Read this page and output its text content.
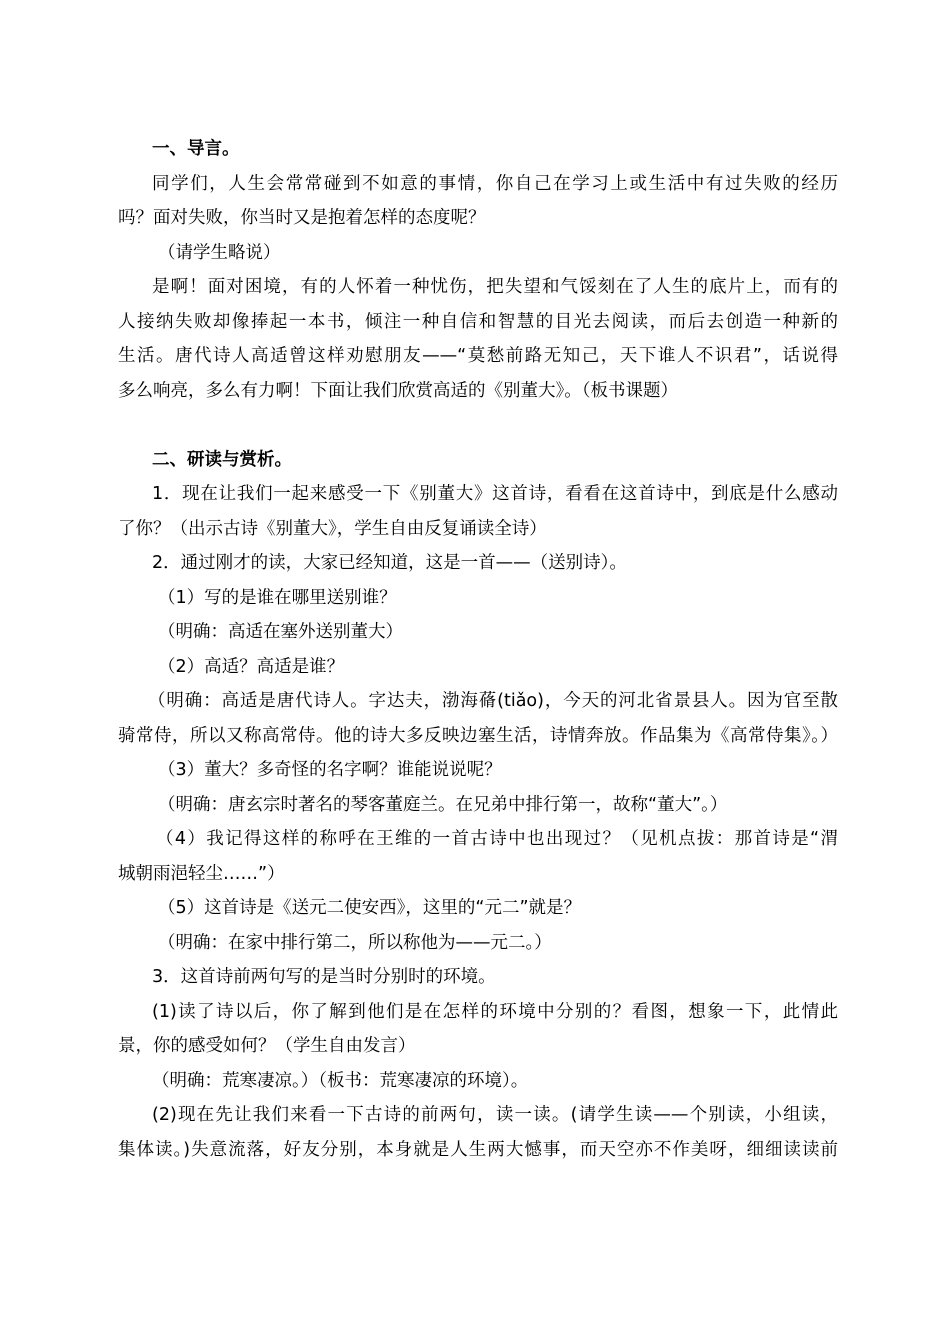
一、导言。
同学们，人生会常常碰到不如意的事情，你自己在学习上或生活中有过失败的经历
吗？面对失败，你当时又是抱着怎样的态度呢？
（请学生略说）
是啊！面对困境，有的人怀着一种忧伤，把失望和气馁刻在了人生的底片上，而有的
人接纳失败却像捧起一本书，倾注一种自信和智慧的目光去阅读，而后去创造一种新的
生活。唐代诗人高适曾这样劝慰朋友——“莫愁前路无知己，天下谁人不识君”，话说得
多么响亮，多么有力啊！下面让我们欣赏高适的《别董大》。（板书课题）
二、研读与赏析。
1．现在让我们一起来感受一下《别董大》这首诗，看看在这首诗中，到底是什么感动
了你？（出示古诗《别董大》，学生自由反复诵读全诗）
2．通过刚才的读，大家已经知道，这是一首——（送别诗）。
（1）写的是谁在哪里送别谁？
（明确：高适在塞外送别董大）
（2）高适？高适是谁？
（明确：高适是唐代诗人。字达夫，渤海蓨(tiǎo)，今天的河北省景县人。因为官至散
骑常侍，所以又称高常侍。他的诗大多反映边塞生活，诗情奔放。作品集为《高常侍集》。）
（3）董大？多奇怪的名字啊？谁能说说呢？
（明确：唐玄宗时著名的琴客董庭兰。在兄弟中排行第一，故称“董大”。）
（4）我记得这样的称呼在王维的一首古诗中也出现过？（见机点拔：那首诗是“渭
城朝雨浥轻尘……”）
（5）这首诗是《送元二使安西》，这里的“元二”就是？
（明确：在家中排行第二，所以称他为——元二。）
3．这首诗前两句写的是当时分别时的环境。
(1)读了诗以后，你了解到他们是在怎样的环境中分别的？看图，想象一下，此情此
景，你的感受如何？（学生自由发言）
（明确：荒寒凄凉。）（板书：荒寒凄凉的环境）。
(2)现在先让我们来看一下古诗的前两句，读一读。(请学生读——个别读，小组读，
集体读。)失意流落，好友分别，本身就是人生两大憾事，而天空亦不作美呀，细细读读前
